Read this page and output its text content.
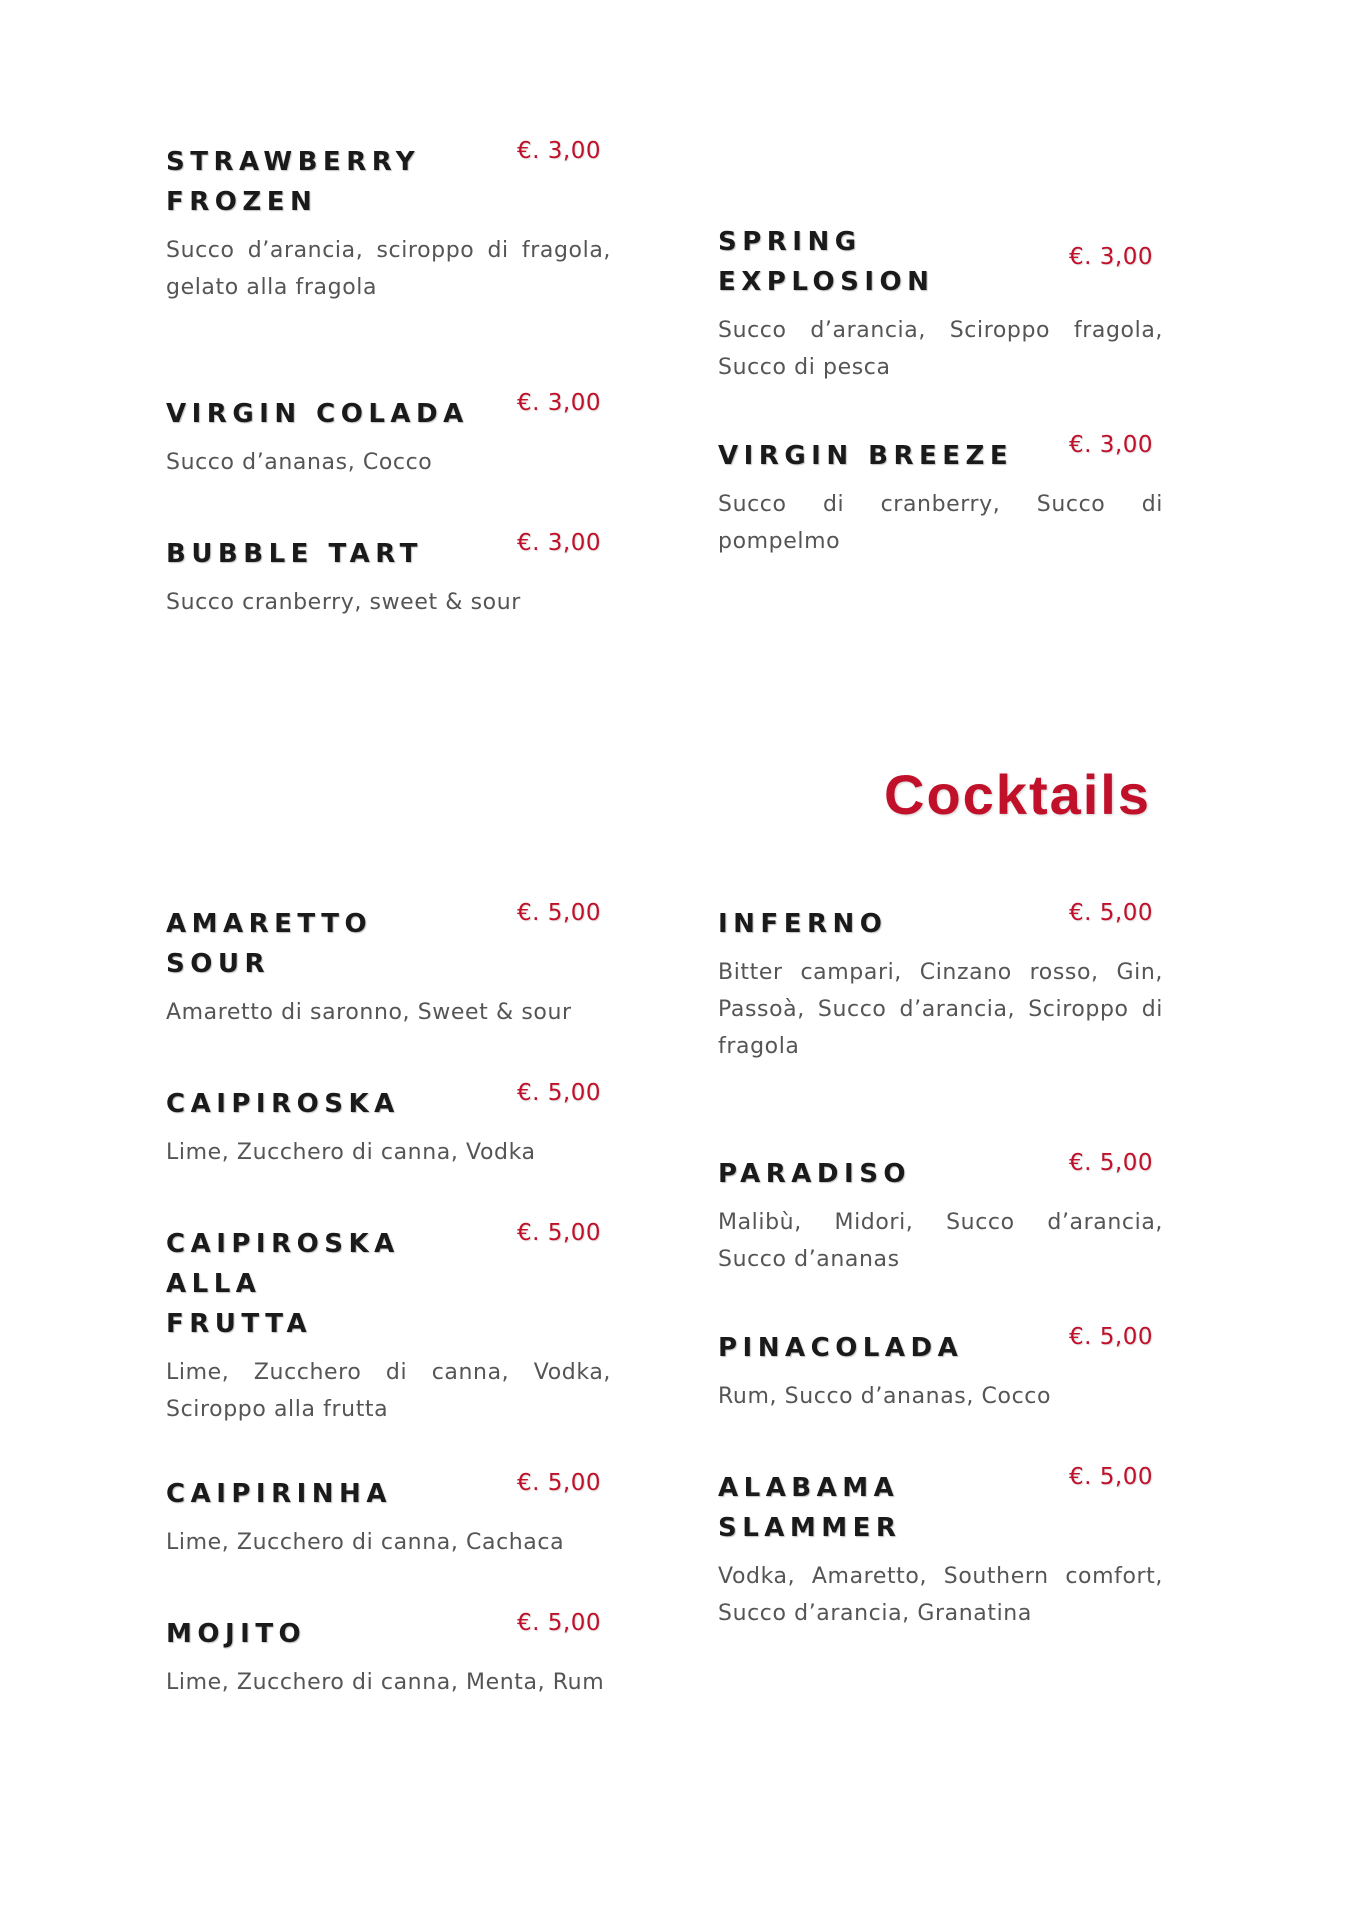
STRAWBERRY FROZEN

€. 3,00
Succo d’arancia, sciroppo di fragola, gelato alla fragola

VIRGIN COLADA	€. 3,00
Succo d’ananas, Cocco

BUBBLE TART	€. 3,00
Succo cranberry, sweet & sour

SPRING EXPLOSION

€. 3,00
Succo d’arancia, Sciroppo fragola, Succo di pesca

VIRGIN BREEZE	€. 3,00
Succo di cranberry, Succo di pompelmo
Cocktails

AMARETTO SOUR

€. 5,00
Amaretto di saronno, Sweet & sour

CAIPIROSKA	€. 5,00
Lime, Zucchero di canna, Vodka

CAIPIROSKA ALLA FRUTTA

€. 5,00
Lime, Zucchero di canna, Vodka, Sciroppo alla frutta

CAIPIRINHA	€. 5,00
Lime, Zucchero di canna, Cachaca

MOJITO	€. 5,00
Lime, Zucchero di canna, Menta, Rum

INFERNO	€. 5,00
Bitter campari, Cinzano rosso, Gin, Passoà, Succo d’arancia, Sciroppo di fragola

PARADISO	€. 5,00
Malibù, Midori, Succo d’arancia, Succo d’ananas

PINACOLADA	€. 5,00
Rum, Succo d’ananas, Cocco

ALABAMA SLAMMER

€. 5,00
Vodka, Amaretto, Southern comfort, Succo d’arancia, Granatina
